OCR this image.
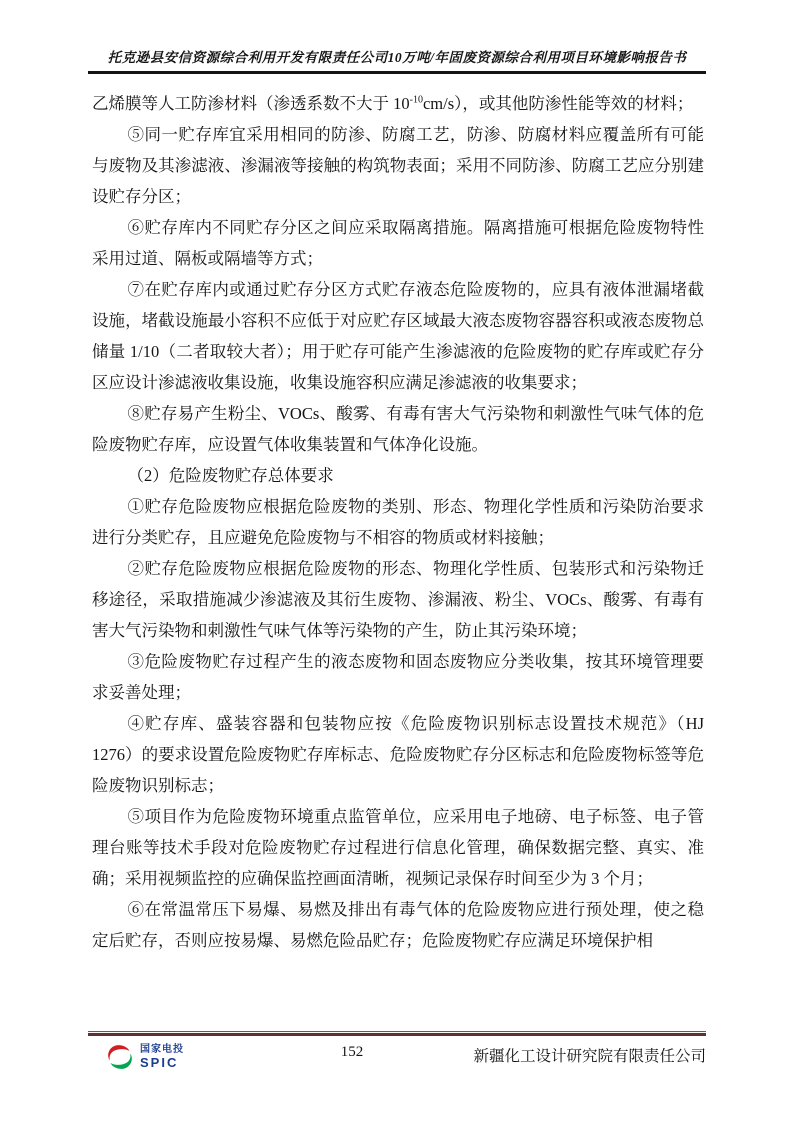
托克逊县安信资源综合利用开发有限责任公司10万吨/年固废资源综合利用项目环境影响报告书

乙烯膜等人工防渗材料（渗透系数不大于 $10^{-10}cm/s$），或其他防渗性能等效的材料；

⑤同一贮存库宜采用相同的防渗、防腐工艺，防渗、防腐材料应覆盖所有可能与废物及其渗滤液、渗漏液等接触的构筑物表面；采用不同防渗、防腐工艺应分别建设贮存分区；

⑥贮存库内不同贮存分区之间应采取隔离措施。隔离措施可根据危险废物特性采用过道、隔板或隔墙等方式；

⑦在贮存库内或通过贮存分区方式贮存液态危险废物的，应具有液体泄漏堵截设施，堵截设施最小容积不应低于对应贮存区域最大液态废物容器容积或液态废物总储量 1/10（二者取较大者）；用于贮存可能产生渗滤液的危险废物的贮存库或贮存分区应设计渗滤液收集设施，收集设施容积应满足渗滤液的收集要求；

⑧贮存易产生粉尘、VOCs、酸雾、有毒有害大气污染物和刺激性气味气体的危险废物贮存库，应设置气体收集装置和气体净化设施。

（2）危险废物贮存总体要求

①贮存危险废物应根据危险废物的类别、形态、物理化学性质和污染防治要求进行分类贮存，且应避免危险废物与不相容的物质或材料接触；

②贮存危险废物应根据危险废物的形态、物理化学性质、包装形式和污染物迁移途径，采取措施减少渗滤液及其衍生废物、渗漏液、粉尘、VOCs、酸雾、有毒有害大气污染物和刺激性气味气体等污染物的产生，防止其污染环境；

③危险废物贮存过程产生的液态废物和固态废物应分类收集，按其环境管理要求妥善处理；

④贮存库、盛装容器和包装物应按《危险废物识别标志设置技术规范》（HJ 1276）的要求设置危险废物贮存库标志、危险废物贮存分区标志和危险废物标签等危险废物识别标志；

⑤项目作为危险废物环境重点监管单位，应采用电子地磅、电子标签、电子管理台账等技术手段对危险废物贮存过程进行信息化管理，确保数据完整、真实、准确；采用视频监控的应确保监控画面清晰，视频记录保存时间至少为 3 个月；

⑥在常温常压下易爆、易燃及排出有毒气体的危险废物应进行预处理，使之稳定后贮存，否则应按易爆、易燃危险品贮存；危险废物贮存应满足环境保护相

国家电投
SPIC
152	新疆化工设计研究院有限责任公司
